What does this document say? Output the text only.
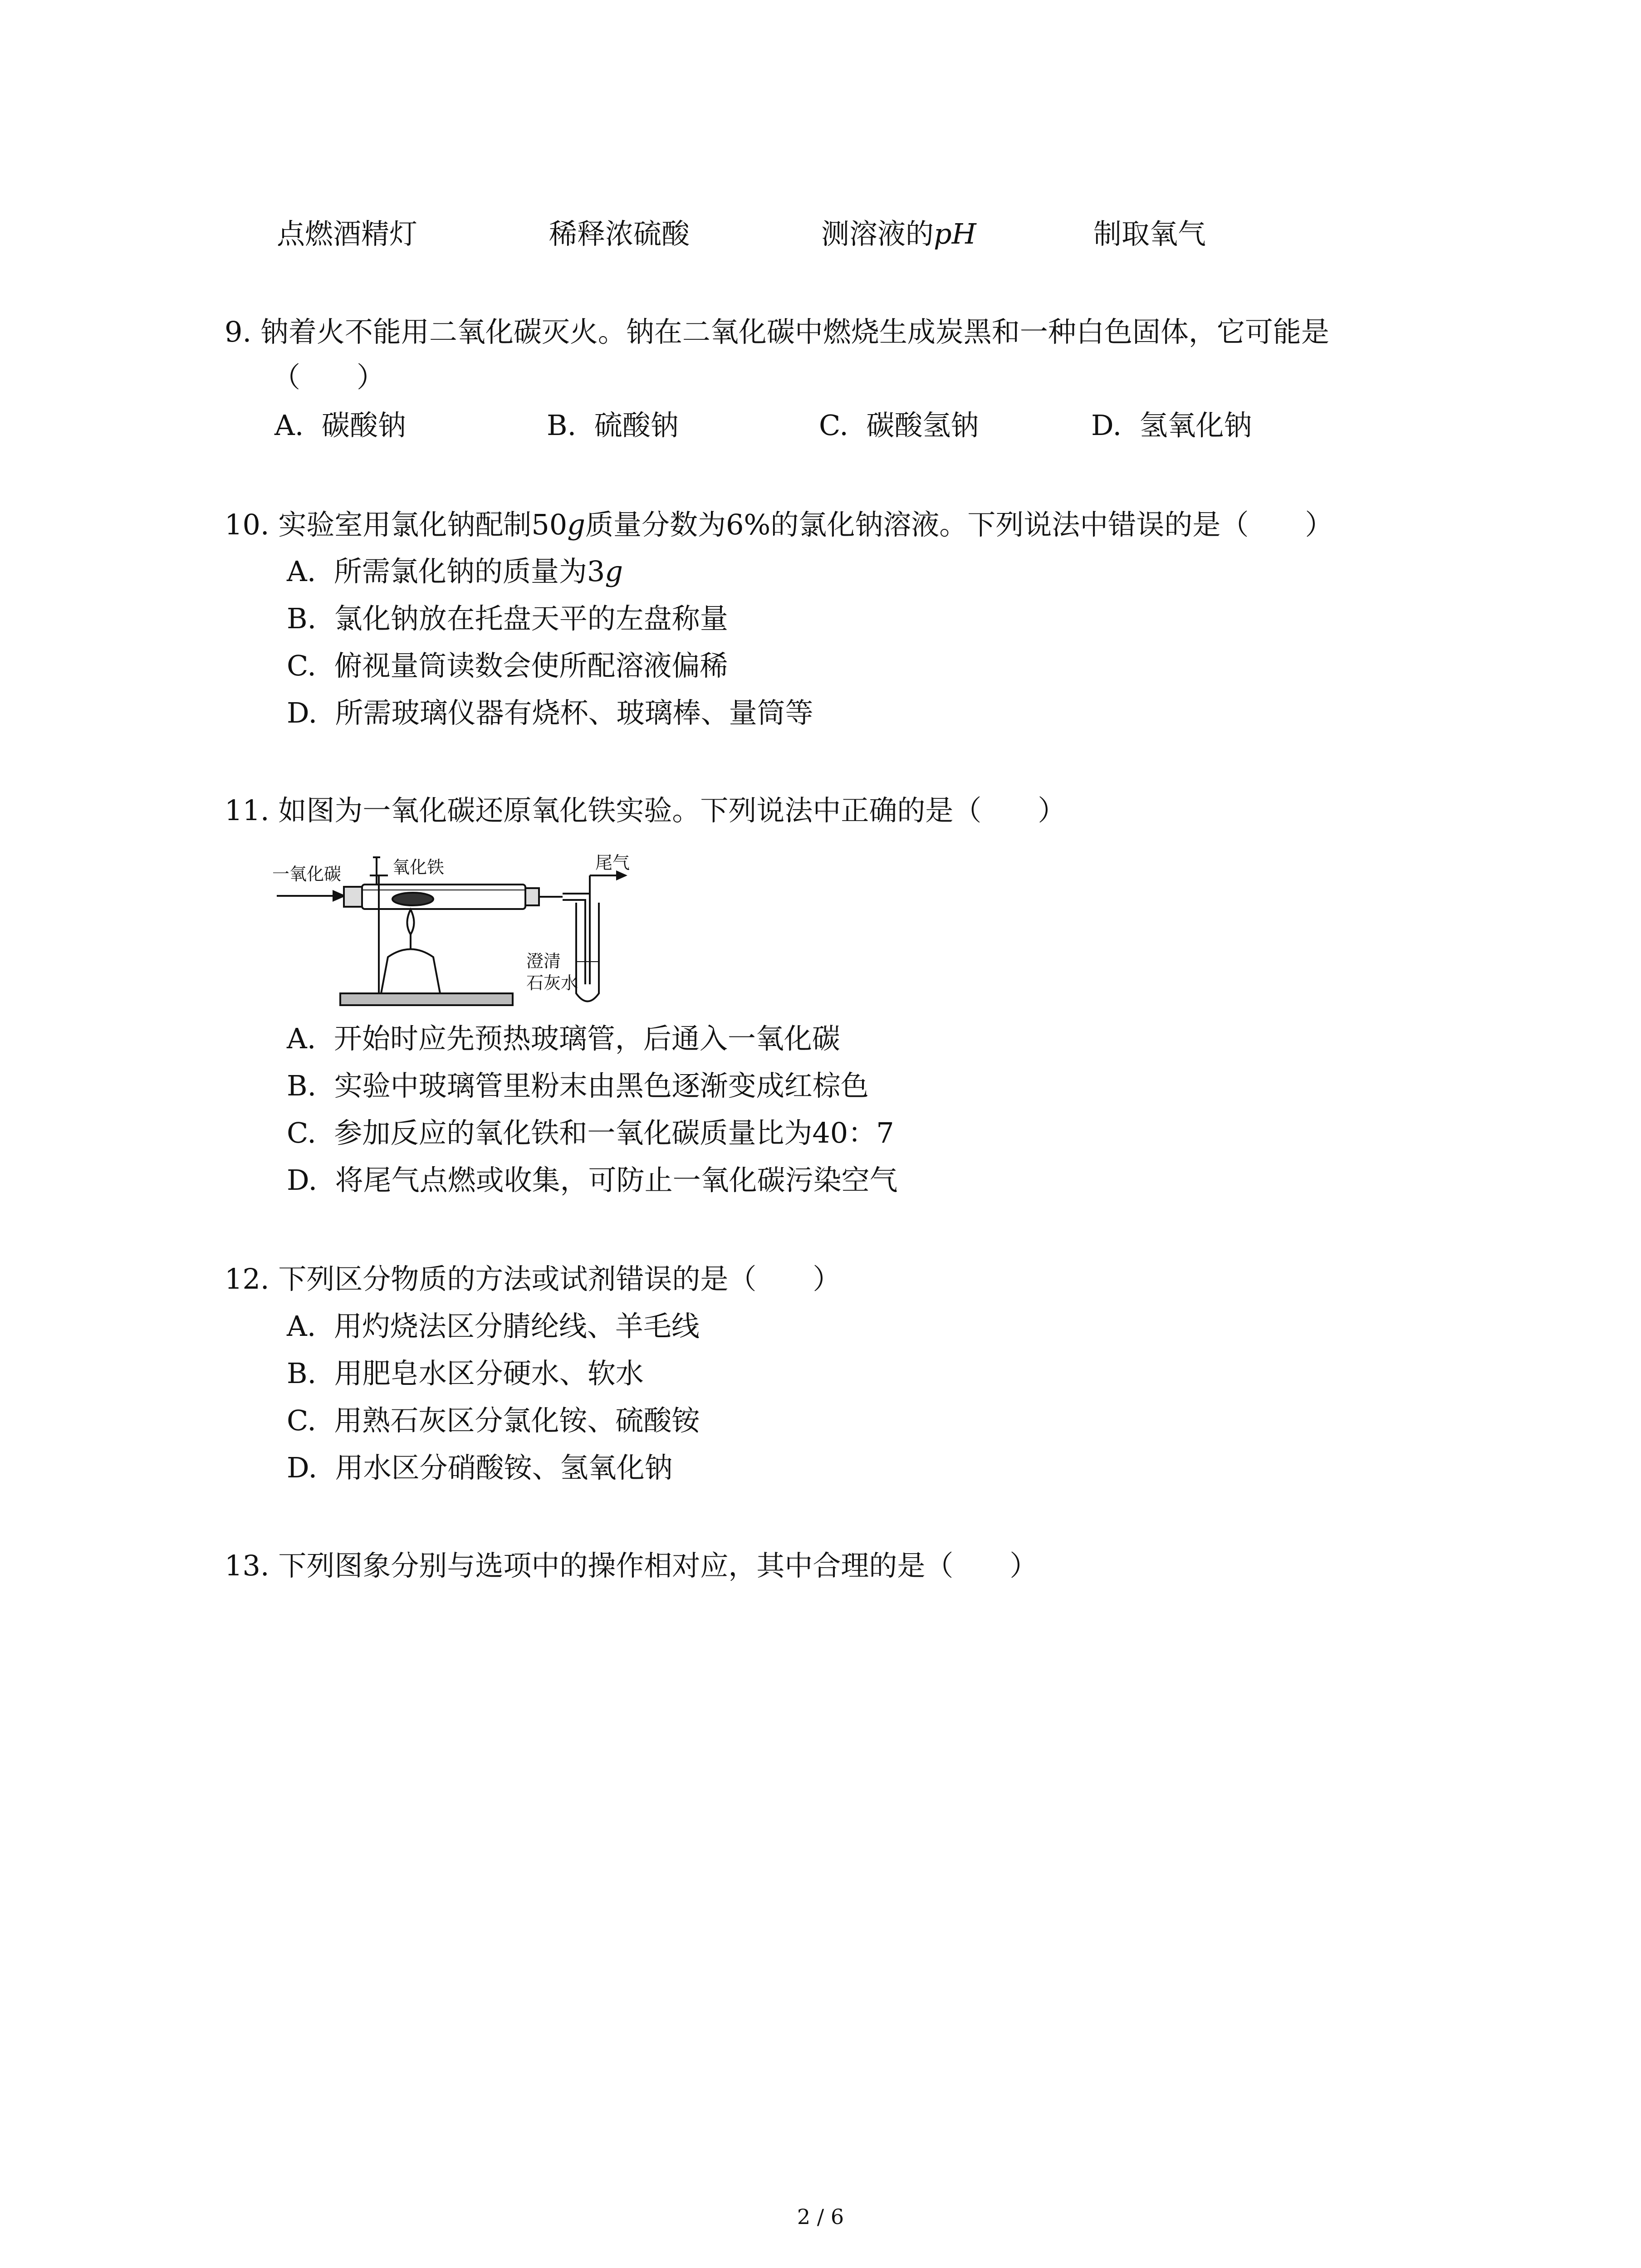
点燃酒精灯	稀释浓硫酸	测溶液的pH	制取氧气
9. 钠着火不能用二氧化碳灭火。钠在二氧化碳中燃烧生成炭黑和一种白色固体，它可能是
（　　）
A. 碳酸钠	B. 硫酸钠	C. 碳酸氢钠	D. 氢氧化钠
10. 实验室用氯化钠配制50g质量分数为6%的氯化钠溶液。下列说法中错误的是（　　）
A. 所需氯化钠的质量为3g
B. 氯化钠放在托盘天平的左盘称量
C. 俯视量筒读数会使所配溶液偏稀
D. 所需玻璃仪器有烧杯、玻璃棒、量筒等
11. 如图为一氧化碳还原氧化铁实验。下列说法中正确的是（　　）
一氧化碳	氧化铁	尾气
澄清
石灰水
A. 开始时应先预热玻璃管，后通入一氧化碳
B. 实验中玻璃管里粉末由黑色逐渐变成红棕色
C. 参加反应的氧化铁和一氧化碳质量比为40：7
D. 将尾气点燃或收集，可防止一氧化碳污染空气
12. 下列区分物质的方法或试剂错误的是（　　）
A. 用灼烧法区分腈纶线、羊毛线
B. 用肥皂水区分硬水、软水
C. 用熟石灰区分氯化铵、硫酸铵
D. 用水区分硝酸铵、氢氧化钠
13. 下列图象分别与选项中的操作相对应，其中合理的是（　　）
2 / 6
